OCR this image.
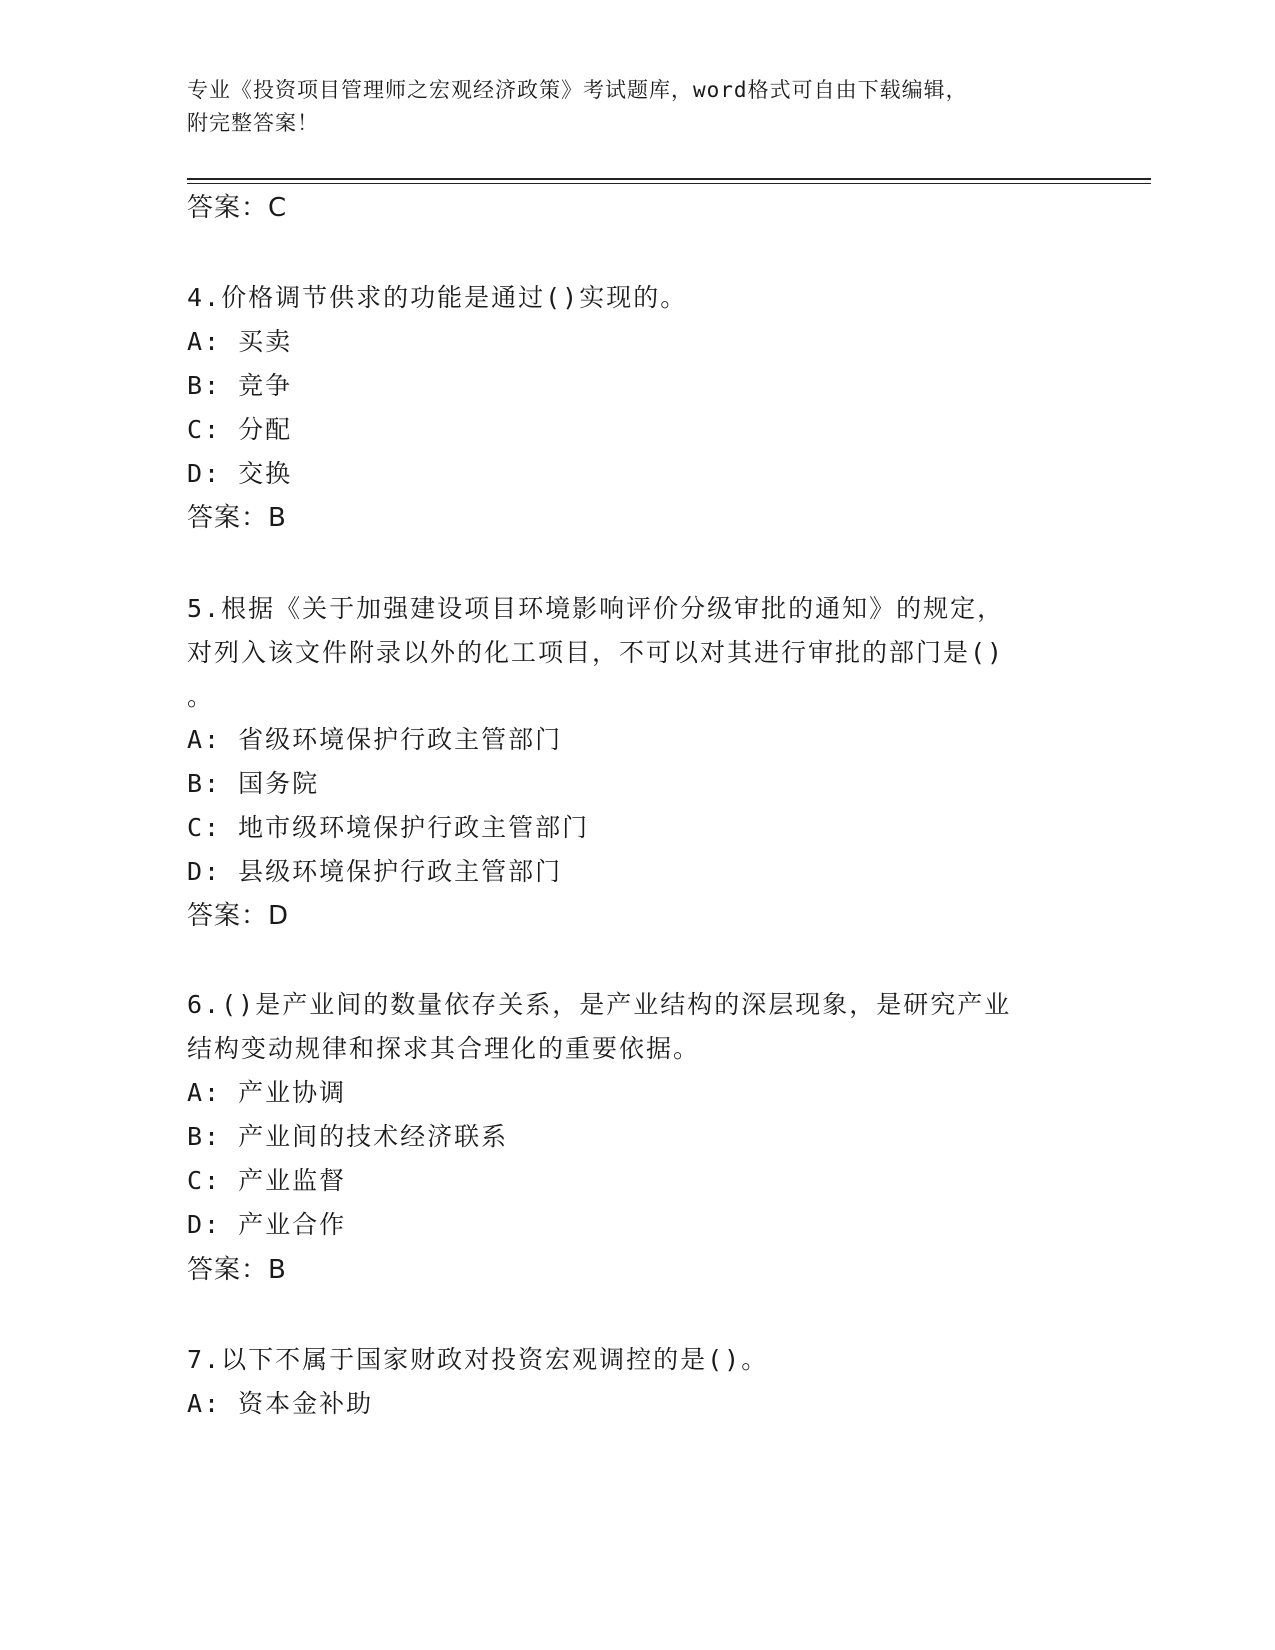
专业《投资项目管理师之宏观经济政策》考试题库，word格式可自由下载编辑，
附完整答案！
答案：C
4.价格调节供求的功能是通过()实现的。
A: 买卖
B: 竞争
C: 分配
D: 交换
答案：B
5.根据《关于加强建设项目环境影响评价分级审批的通知》的规定，
对列入该文件附录以外的化工项目，不可以对其进行审批的部门是()
。
A: 省级环境保护行政主管部门
B: 国务院
C: 地市级环境保护行政主管部门
D: 县级环境保护行政主管部门
答案：D
6.()是产业间的数量依存关系，是产业结构的深层现象，是研究产业
结构变动规律和探求其合理化的重要依据。
A: 产业协调
B: 产业间的技术经济联系
C: 产业监督
D: 产业合作
答案：B
7.以下不属于国家财政对投资宏观调控的是()。
A: 资本金补助
